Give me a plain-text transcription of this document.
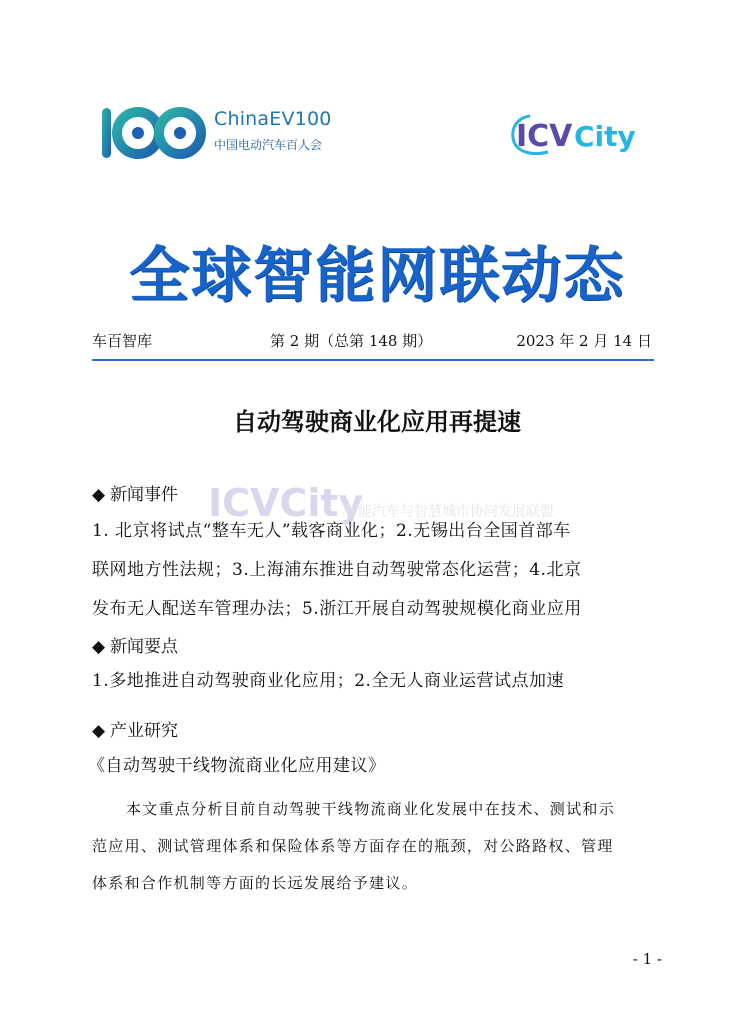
ChinaEV100
中国电动汽车百人会	ICV City
全球智能网联动态
车百智库	第 2 期（总第 148 期）	2023 年 2 月 14 日
自动驾驶商业化应用再提速
ICVCity
智能汽车与智慧城市协同发展联盟
◆ 新闻事件
1. 北京将试点“整车无人”载客商业化；2.无锡出台全国首部车
联网地方性法规；3.上海浦东推进自动驾驶常态化运营；4.北京
发布无人配送车管理办法；5.浙江开展自动驾驶规模化商业应用
◆ 新闻要点
1.多地推进自动驾驶商业化应用；2.全无人商业运营试点加速
◆ 产业研究
《自动驾驶干线物流商业化应用建议》
本文重点分析目前自动驾驶干线物流商业化发展中在技术、测试和示
范应用、测试管理体系和保险体系等方面存在的瓶颈，对公路路权、管理
体系和合作机制等方面的长远发展给予建议。
- 1 -
